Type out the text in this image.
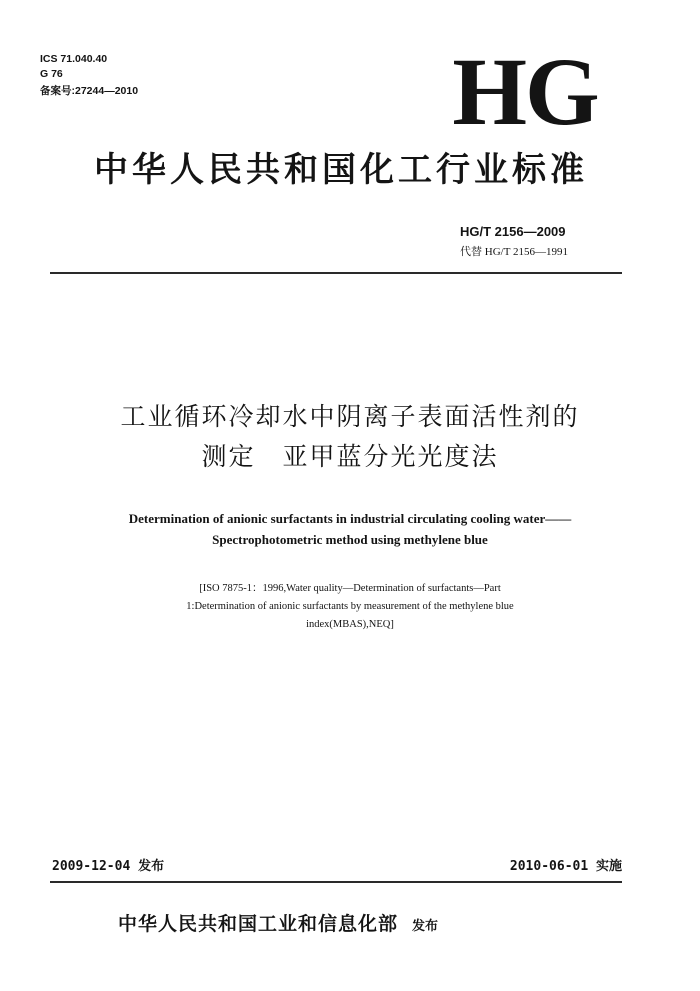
ICS 71.040.40
G 76
备案号:27244—2010	HG
中华人民共和国化工行业标准
HG/T 2156—2009
代替 HG/T 2156—1991
工业循环冷却水中阴离子表面活性剂的
测定　亚甲蓝分光光度法
Determination of anionic surfactants in industrial circulating cooling water——
Spectrophotometric method using methylene blue
[ISO 7875-1：1996,Water quality—Determination of surfactants—Part
1:Determination of anionic surfactants by measurement of the methylene blue
index(MBAS),NEQ]
2009-12-04 发布	2010-06-01 实施
中华人民共和国工业和信息化部 发布
